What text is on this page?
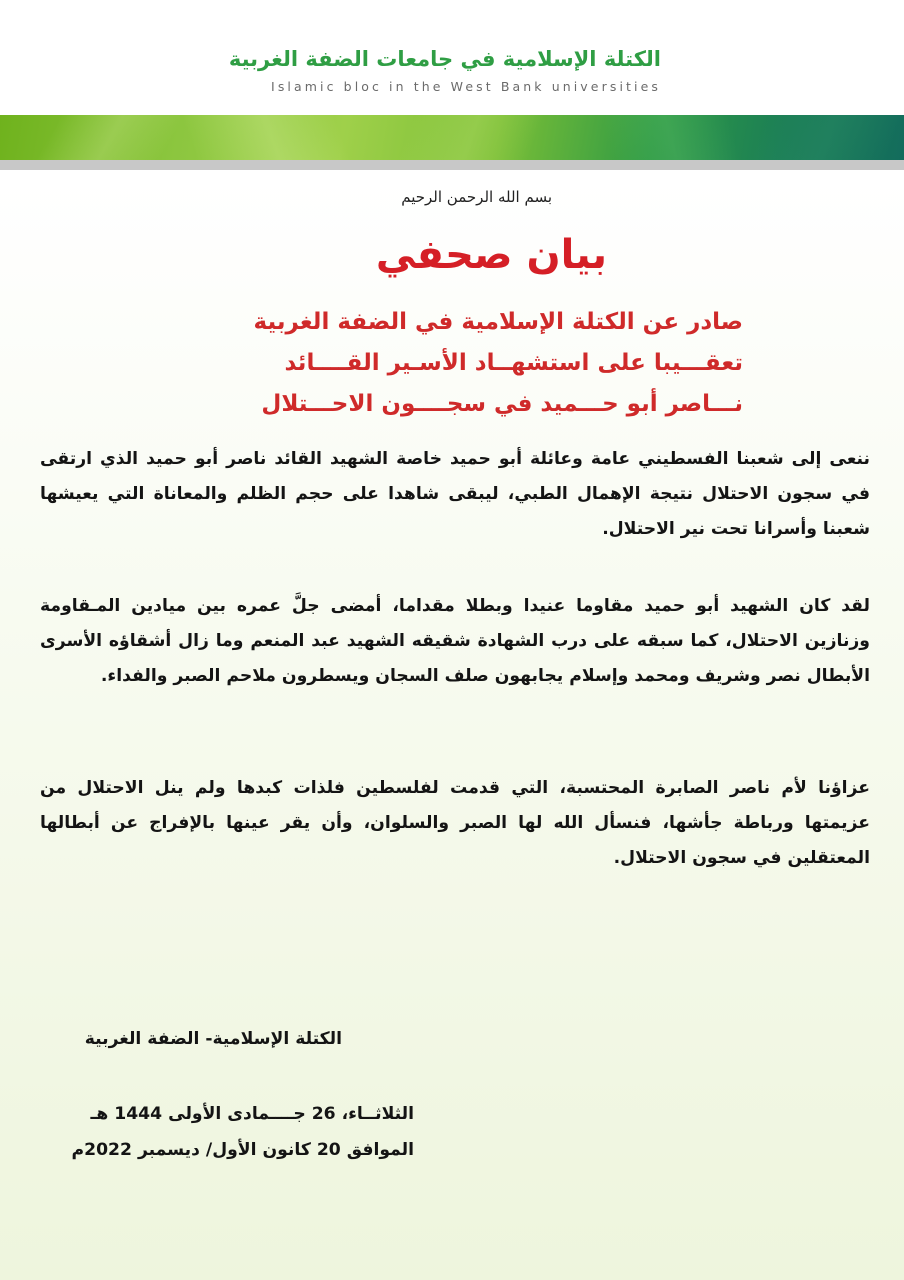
الكتلة الإسلامية في جامعات الضفة الغربية
Islamic bloc in the West Bank universities
بسم الله الرحمن الرحيم
بيان صحفي
صادر عن الكتلة الإسلامية في الضفة الغربية
تعقـــيبا على استشهــاد الأسـير القــــائد
نـــاصر أبو حـــميد في سجــــون الاحـــتلال

ننعى إلى شعبنا الفسطيني عامة وعائلة أبو حميد خاصة الشهيد القائد ناصر أبو حميد الذي ارتقى في سجون الاحتلال نتيجة الإهمال الطبي، ليبقى شاهدا على حجم الظلم والمعاناة التي يعيشها شعبنا وأسرانا تحت نير الاحتلال.

لقد كان الشهيد أبو حميد مقاوما عنيدا وبطلا مقداما، أمضى جلَّ عمره بين ميادين المـقاومة وزنازين الاحتلال، كما سبقه على درب الشهادة شقيقه الشهيد عبد المنعم وما زال أشقاؤه الأسرى الأبطال نصر وشريف ومحمد وإسلام يجابهون صلف السجان ويسطرون ملاحم الصبر والفداء.

عزاؤنا لأم ناصر الصابرة المحتسبة، التي قدمت لفلسطين فلذات كبدها ولم ينل الاحتلال من عزيمتها ورباطة جأشها، فنسأل الله لها الصبر والسلوان، وأن يقر عينها بالإفراج عن أبطالها المعتقلين في سجون الاحتلال.

الكتلة الإسلامية- الضفة الغربية
الثلاثــاء، 26 جــــمادى الأولى 1444 هـ
الموافق 20 كانون الأول/ ديسمبر 2022م
